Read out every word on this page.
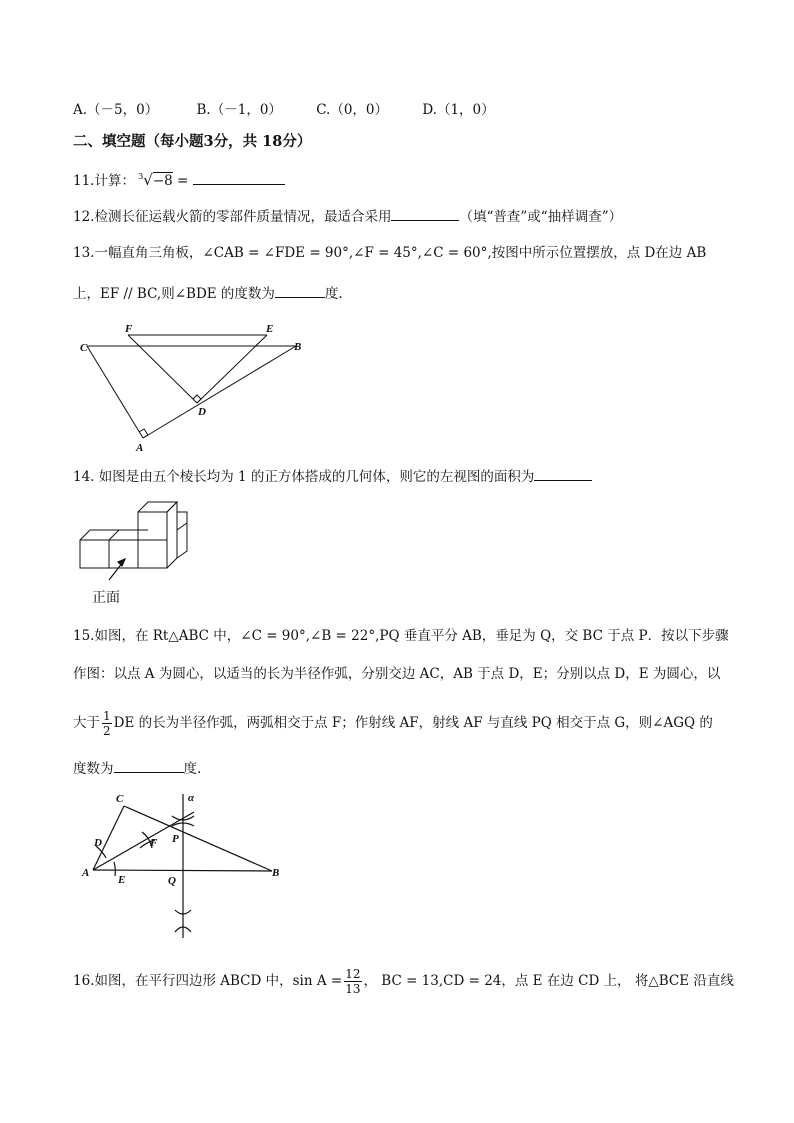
A.（－5，0）	B.（－1，0）	C.（0，0）	D.（1，0）
二、填空题（每小题3分，共 18分）
11.计算： 3 √−8 =
12.检测长征运载火箭的零部件质量情况，最适合采用	（填“普查”或“抽样调查”）
13.一幅直角三角板，∠CAB = ∠FDE = 90°,∠F = 45°,∠C = 60°,按图中所示位置摆放，点 D在边 AB
上，EF // BC,则∠BDE 的度数为	度.
C
F	E
B
D
A
14. 如图是由五个棱长均为 1 的正方体搭成的几何体，则它的左视图的面积为
正面
15.如图，在 Rt△ABC 中，∠C = 90°,∠B = 22°,PQ 垂直平分 AB，垂足为 Q，交 BC 于点 P．按以下步骤
作图：以点 A 为圆心，以适当的长为半径作弧，分别交边 AC，AB 于点 D，E；分别以点 D，E 为圆心，以
大于 $\frac{1}{2}$ DE 的长为半径作弧，两弧相交于点 F；作射线 AF，射线 AF 与直线 PQ 相交于点 G，则∠AGQ 的
度数为	度.
C	α
D	F P
A
E	Q
B
16.如图，在平行四边形 ABCD 中，$\sin A = \frac{12}{13}$ ， BC = 13,CD = 24，点 E 在边 CD 上， 将△BCE 沿直线
